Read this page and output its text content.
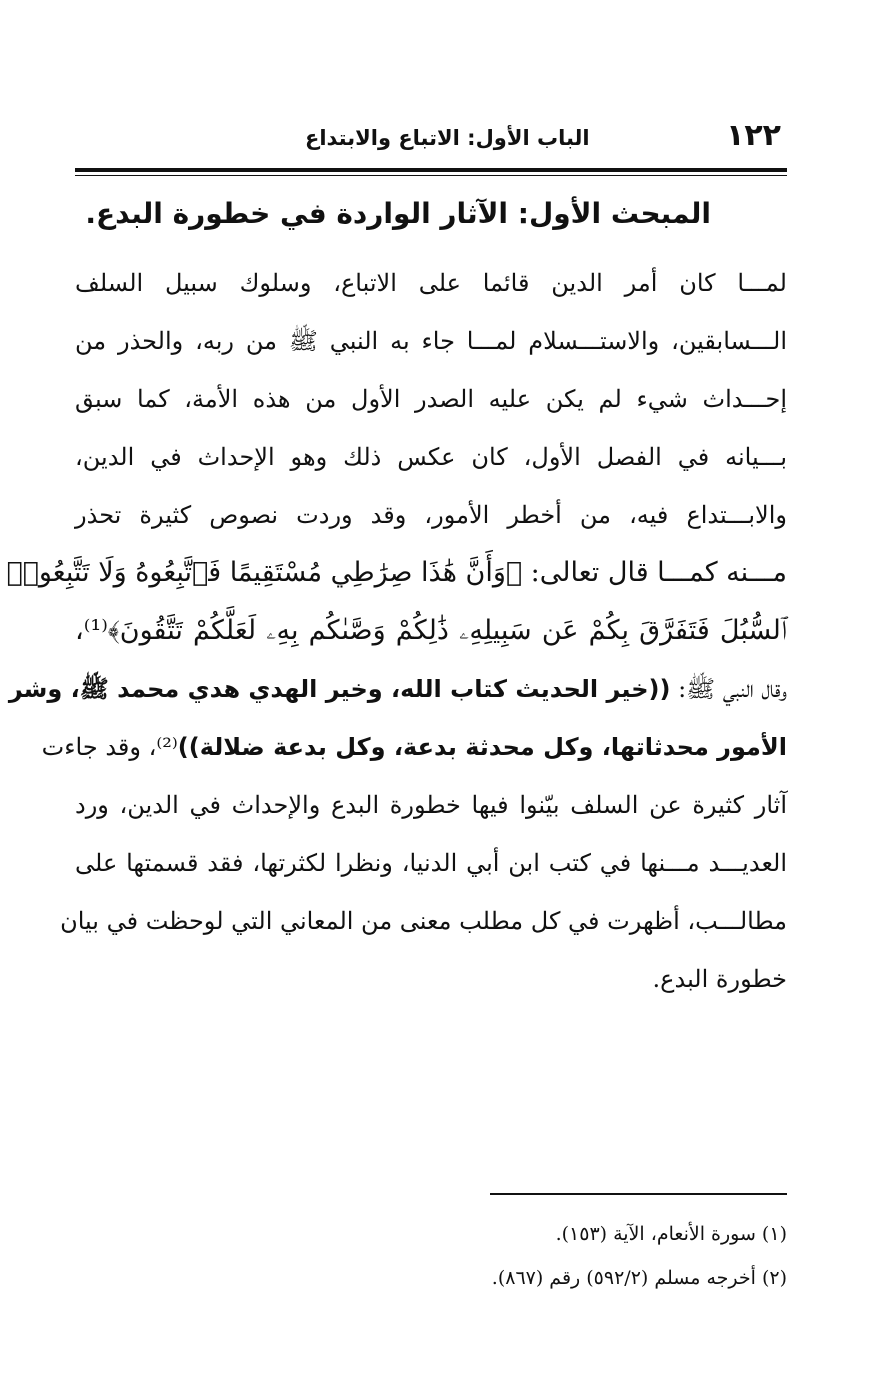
الباب الأول: الاتباع والابتداع	١٢٢
المبحث الأول: الآثار الواردة في خطورة البدع.
لمـــا كان أمر الدين قائما على الاتباع، وسلوك سبيل السلف
الـــسابقين، والاستـــسلام لمـــا جاء به النبي ﷺ من ربه، والحذر من
إحـــداث شيء لم يكن عليه الصدر الأول من هذه الأمة، كما سبق
بـــيانه في الفصل الأول، كان عكس ذلك وهو الإحداث في الدين،
والابـــتداع فيه، من أخطر الأمور، وقد وردت نصوص كثيرة تحذر
مـــنه كمـــا قال تعالى: ﴿وَأَنَّ هَٰذَا صِرَٰطِي مُسْتَقِيمًا فَٱتَّبِعُوهُ وَلَا تَتَّبِعُوا۟
ٱلسُّبُلَ فَتَفَرَّقَ بِكُمْ عَن سَبِيلِهِۦ ذَٰلِكُمْ وَصَّىٰكُم بِهِۦ لَعَلَّكُمْ تَتَّقُونَ﴾⁽¹⁾،
وقال النبي ﷺ: ((خير الحديث كتاب الله، وخير الهدي هدي محمد ﷺ، وشر
الأمور محدثاتها، وكل محدثة بدعة، وكل بدعة ضلالة))⁽²⁾، وقد جاءت
آثار كثيرة عن السلف بيّنوا فيها خطورة البدع والإحداث في الدين، ورد
العديـــد مـــنها في كتب ابن أبي الدنيا، ونظرا لكثرتها، فقد قسمتها على
مطالـــب، أظهرت في كل مطلب معنى من المعاني التي لوحظت في بيان
خطورة البدع.
(١) سورة الأنعام، الآية (١٥٣).
(٢) أخرجه مسلم (٥٩٢/٢) رقم (٨٦٧).
